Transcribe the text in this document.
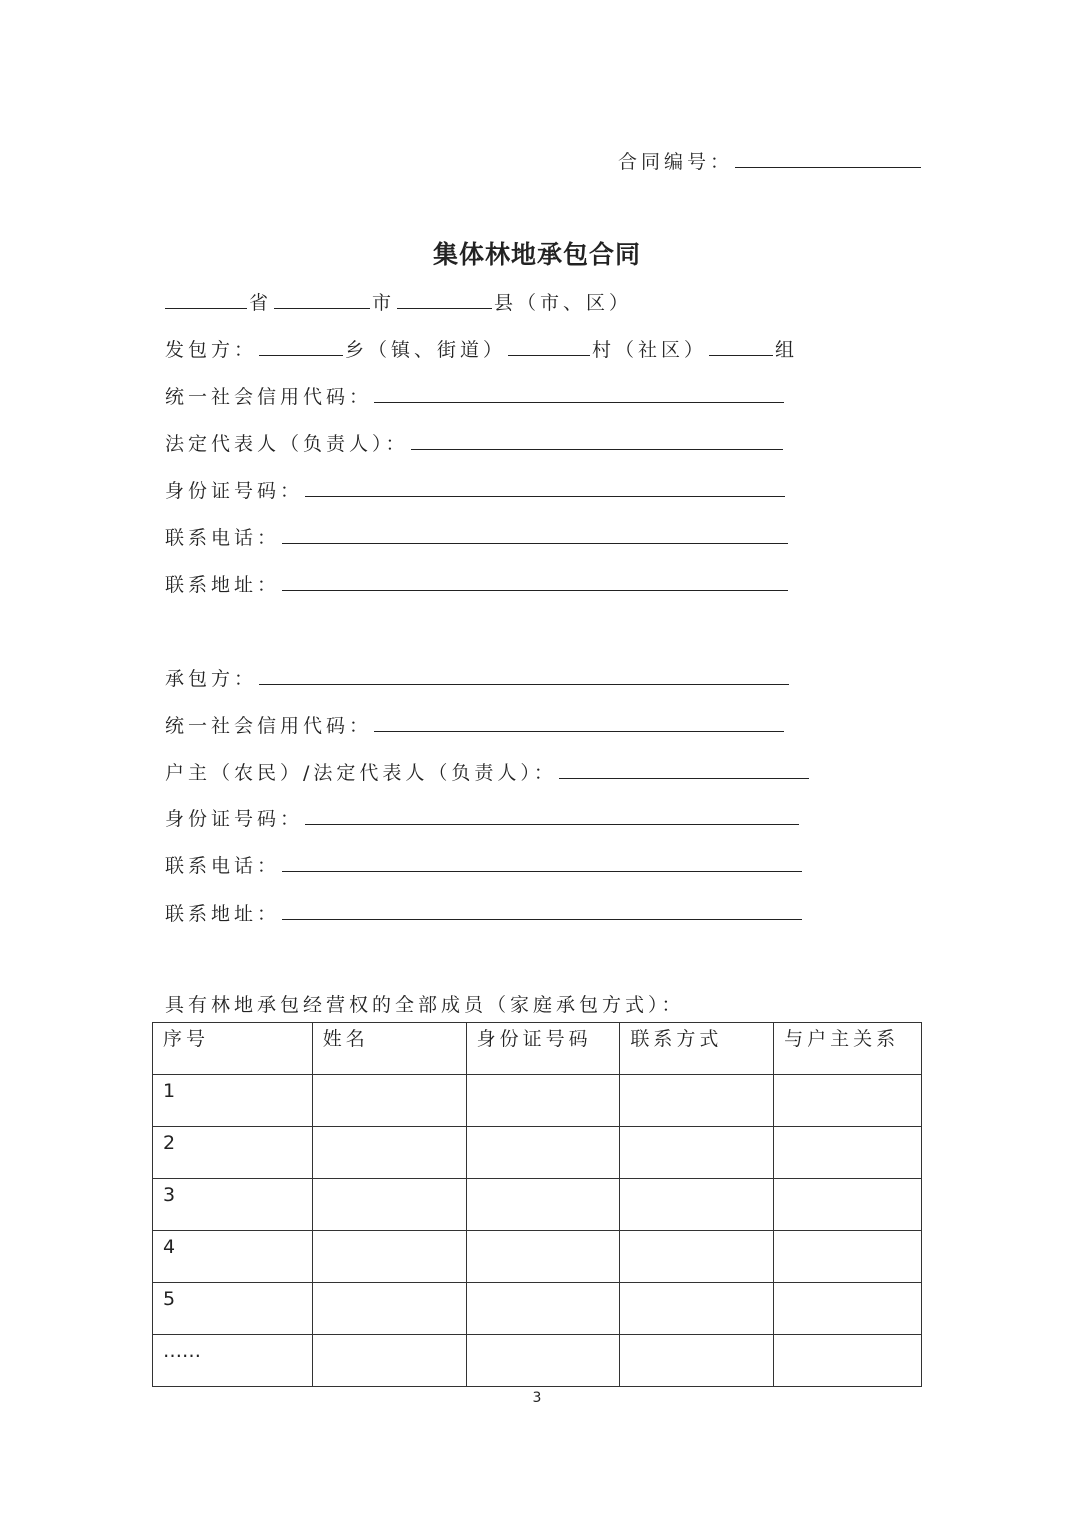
合同编号：
集体林地承包合同
省	市	县（市、区）
发包方：	乡（镇、街道）	村（社区）	组
统一社会信用代码：
法定代表人（负责人）：
身份证号码：
联系电话：
联系地址：
承包方：
统一社会信用代码：
户主（农民）/法定代表人（负责人）：
身份证号码：
联系电话：
联系地址：
具有林地承包经营权的全部成员（家庭承包方式）：
序号	姓名	身份证号码	联系方式	与户主关系
1				
2				
3				
4				
5				
……				
3
